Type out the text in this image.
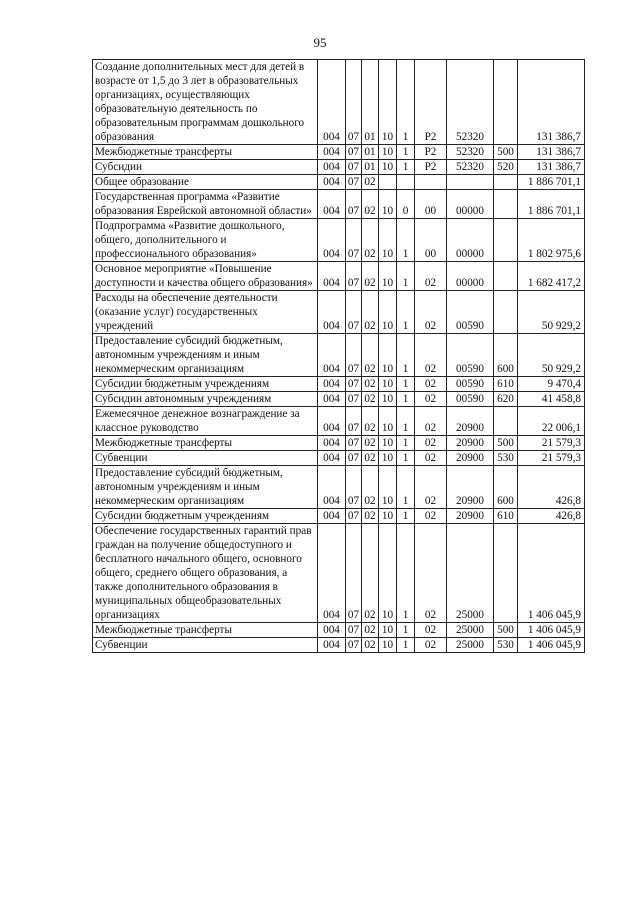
95
Создание дополнительных мест для детей в возрасте от 1,5 до 3 лет в образовательных организациях, осуществляющих образовательную деятельность по образовательным программам дошкольного образования	004	07	01	10	1	P2	52320		131 386,7
Межбюджетные трансферты	004	07	01	10	1	P2	52320	500	131 386,7
Субсидии	004	07	01	10	1	P2	52320	520	131 386,7
Общее образование	004	07	02						1 886 701,1
Государственная программа «Развитие образования Еврейской автономной области»	004	07	02	10	0	00	00000		1 886 701,1
Подпрограмма «Развитие дошкольного, общего, дополнительного и профессионального образования»	004	07	02	10	1	00	00000		1 802 975,6
Основное мероприятие «Повышение доступности и качества общего образования»	004	07	02	10	1	02	00000		1 682 417,2
Расходы на обеспечение деятельности (оказание услуг) государственных учреждений	004	07	02	10	1	02	00590		50 929,2
Предоставление субсидий бюджетным, автономным учреждениям и иным некоммерческим организациям	004	07	02	10	1	02	00590	600	50 929,2
Субсидии бюджетным учреждениям	004	07	02	10	1	02	00590	610	9 470,4
Субсидии автономным учреждениям	004	07	02	10	1	02	00590	620	41 458,8
Ежемесячное денежное вознаграждение за классное руководство	004	07	02	10	1	02	20900		22 006,1
Межбюджетные трансферты	004	07	02	10	1	02	20900	500	21 579,3
Субвенции	004	07	02	10	1	02	20900	530	21 579,3
Предоставление субсидий бюджетным, автономным учреждениям и иным некоммерческим организациям	004	07	02	10	1	02	20900	600	426,8
Субсидии бюджетным учреждениям	004	07	02	10	1	02	20900	610	426,8
Обеспечение государственных гарантий прав граждан на получение общедоступного и бесплатного начального общего, основного общего, среднего общего образования, а также дополнительного образования в муниципальных общеобразовательных организациях	004	07	02	10	1	02	25000		1 406 045,9
Межбюджетные трансферты	004	07	02	10	1	02	25000	500	1 406 045,9
Субвенции	004	07	02	10	1	02	25000	530	1 406 045,9
